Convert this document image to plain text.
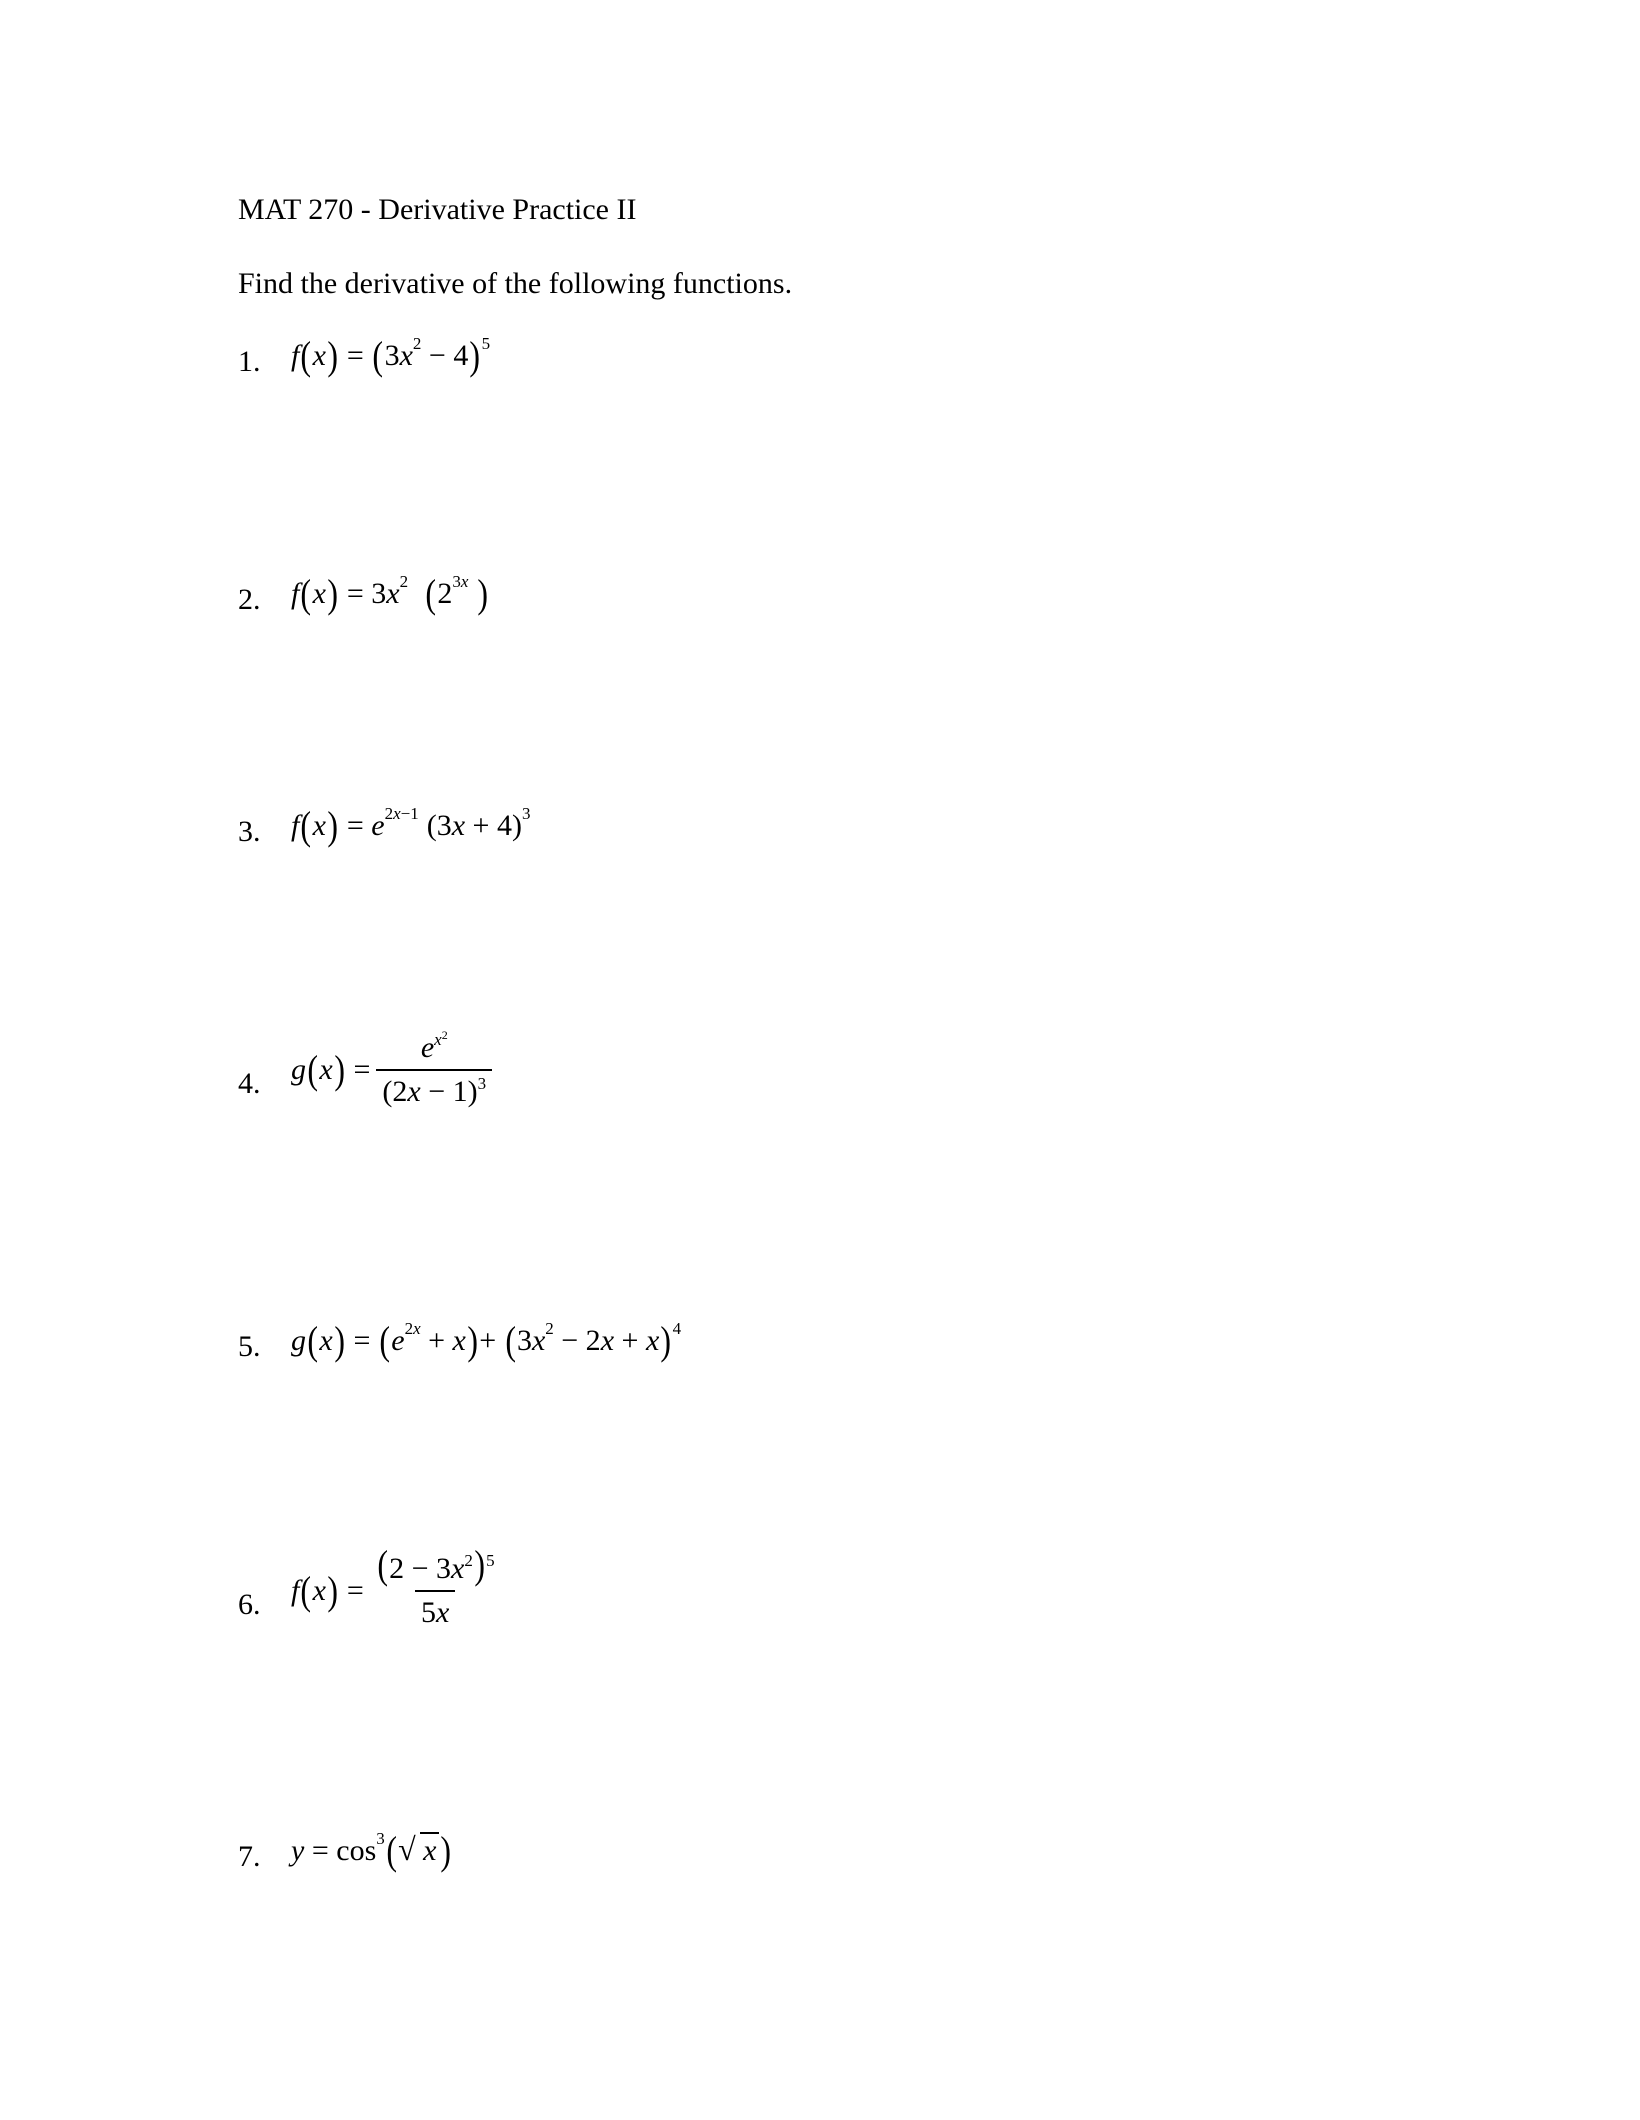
MAT 270 - Derivative Practice II
Find the derivative of the following functions.
1.	f ( x ) = ( 3 $x^2 - 4$ )$^5$
2.	f ( x ) = 3 $x^2$ ( $2^{3x}$
)
3.	f ( x ) = $e^{2x-1}$ (3 x + 4)$^3$
4.	g ( x ) = $\frac{e^{x^2}}{(2x - 1)^3}$
5.	g ( x ) = ( $e^{2x} + x$ ) + ( 3 $x^2 - 2$ x + x )$^4$
6.	f ( x ) = $\frac{(2 - 3x^2)^5}{5x}$
7.	$y = \cos^3$ ( √ x )
